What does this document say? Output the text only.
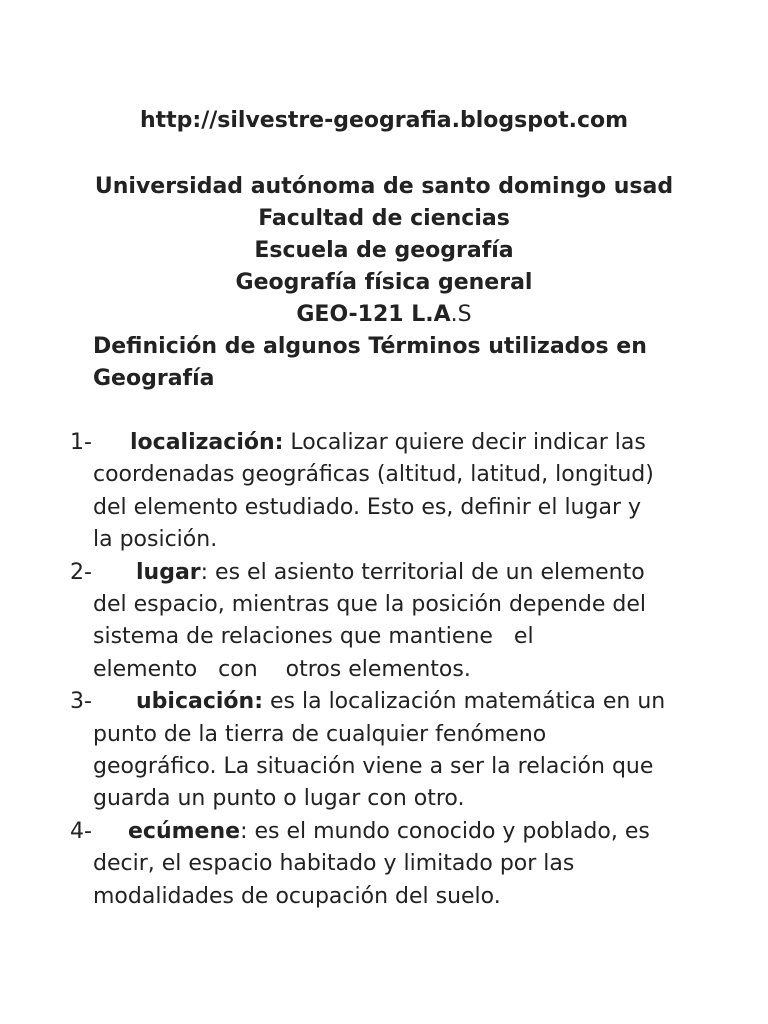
http://silvestre-geografia.blogspot.com
Universidad autónoma de santo domingo usad
Facultad de ciencias
Escuela de geografía
Geografía física general
GEO-121 L.A.S
Definición de algunos Términos utilizados en
Geografía
1-	localización: Localizar quiere decir indicar las
coordenadas geográficas (altitud, latitud, longitud)
del elemento estudiado. Esto es, definir el lugar y
la posición.
2-	lugar: es el asiento territorial de un elemento
del espacio, mientras que la posición depende del
sistema de relaciones que mantiene   el
elemento   con    otros elementos.
3-	ubicación: es la localización matemática en un
punto de la tierra de cualquier fenómeno
geográfico. La situación viene a ser la relación que
guarda un punto o lugar con otro.
4-	ecúmene: es el mundo conocido y poblado, es
decir, el espacio habitado y limitado por las
modalidades de ocupación del suelo.
